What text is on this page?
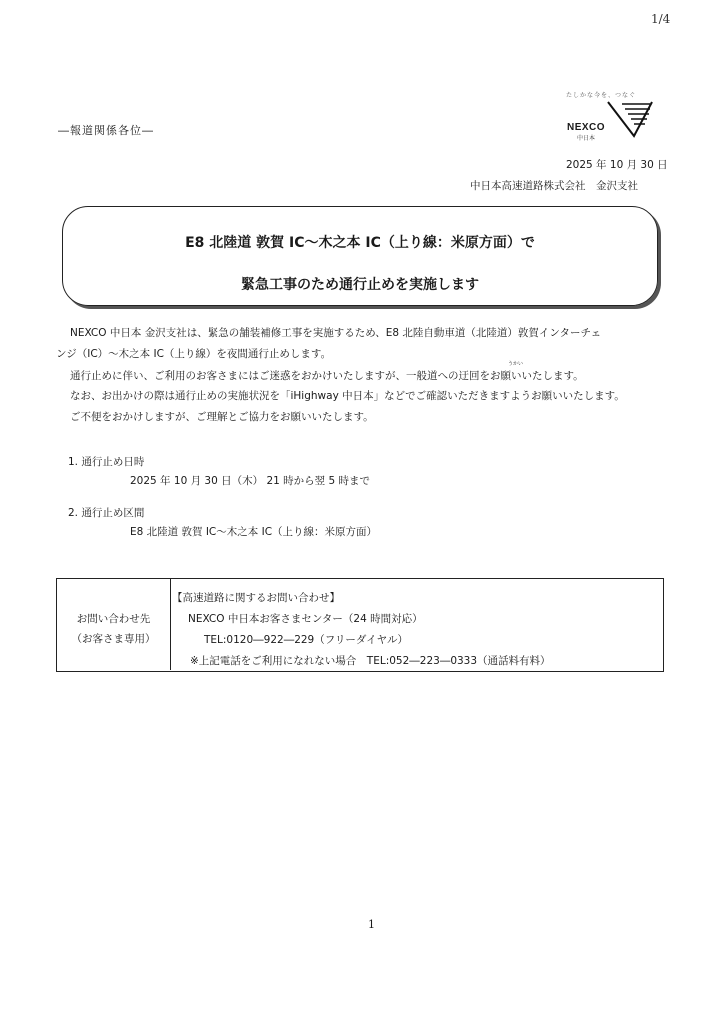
1/4
―報道関係各位―
たしかな今を、つなぐ
NEXCO
中日本
2025 年 10 月 30 日
中日本高速道路株式会社　金沢支社
E8 北陸道 敦賀 IC〜木之本 IC（上り線：米原方面）で
緊急工事のため通行止めを実施します
NEXCO 中日本 金沢支社は、緊急の舗装補修工事を実施するため、E8 北陸自動車道（北陸道）敦賀インターチェ
ンジ（IC）〜木之本 IC（上り線）を夜間通行止めします。
うかい
通行止めに伴い、ご利用のお客さまにはご迷惑をおかけいたしますが、一般道への迂回をお願いいたします。
なお、お出かけの際は通行止めの実施状況を「iHighway 中日本」などでご確認いただきますようお願いいたします。
ご不便をおかけしますが、ご理解とご協力をお願いいたします。
1. 通行止め日時
2025 年 10 月 30 日（木） 21 時から翌 5 時まで
2. 通行止め区間
E8 北陸道 敦賀 IC〜木之本 IC（上り線：米原方面）
お問い合わせ先
（お客さま専用）
【高速道路に関するお問い合わせ】
NEXCO 中日本お客さまセンター（24 時間対応）
TEL:0120―922―229（フリーダイヤル）
※上記電話をご利用になれない場合　TEL:052―223―0333（通話料有料）
1
